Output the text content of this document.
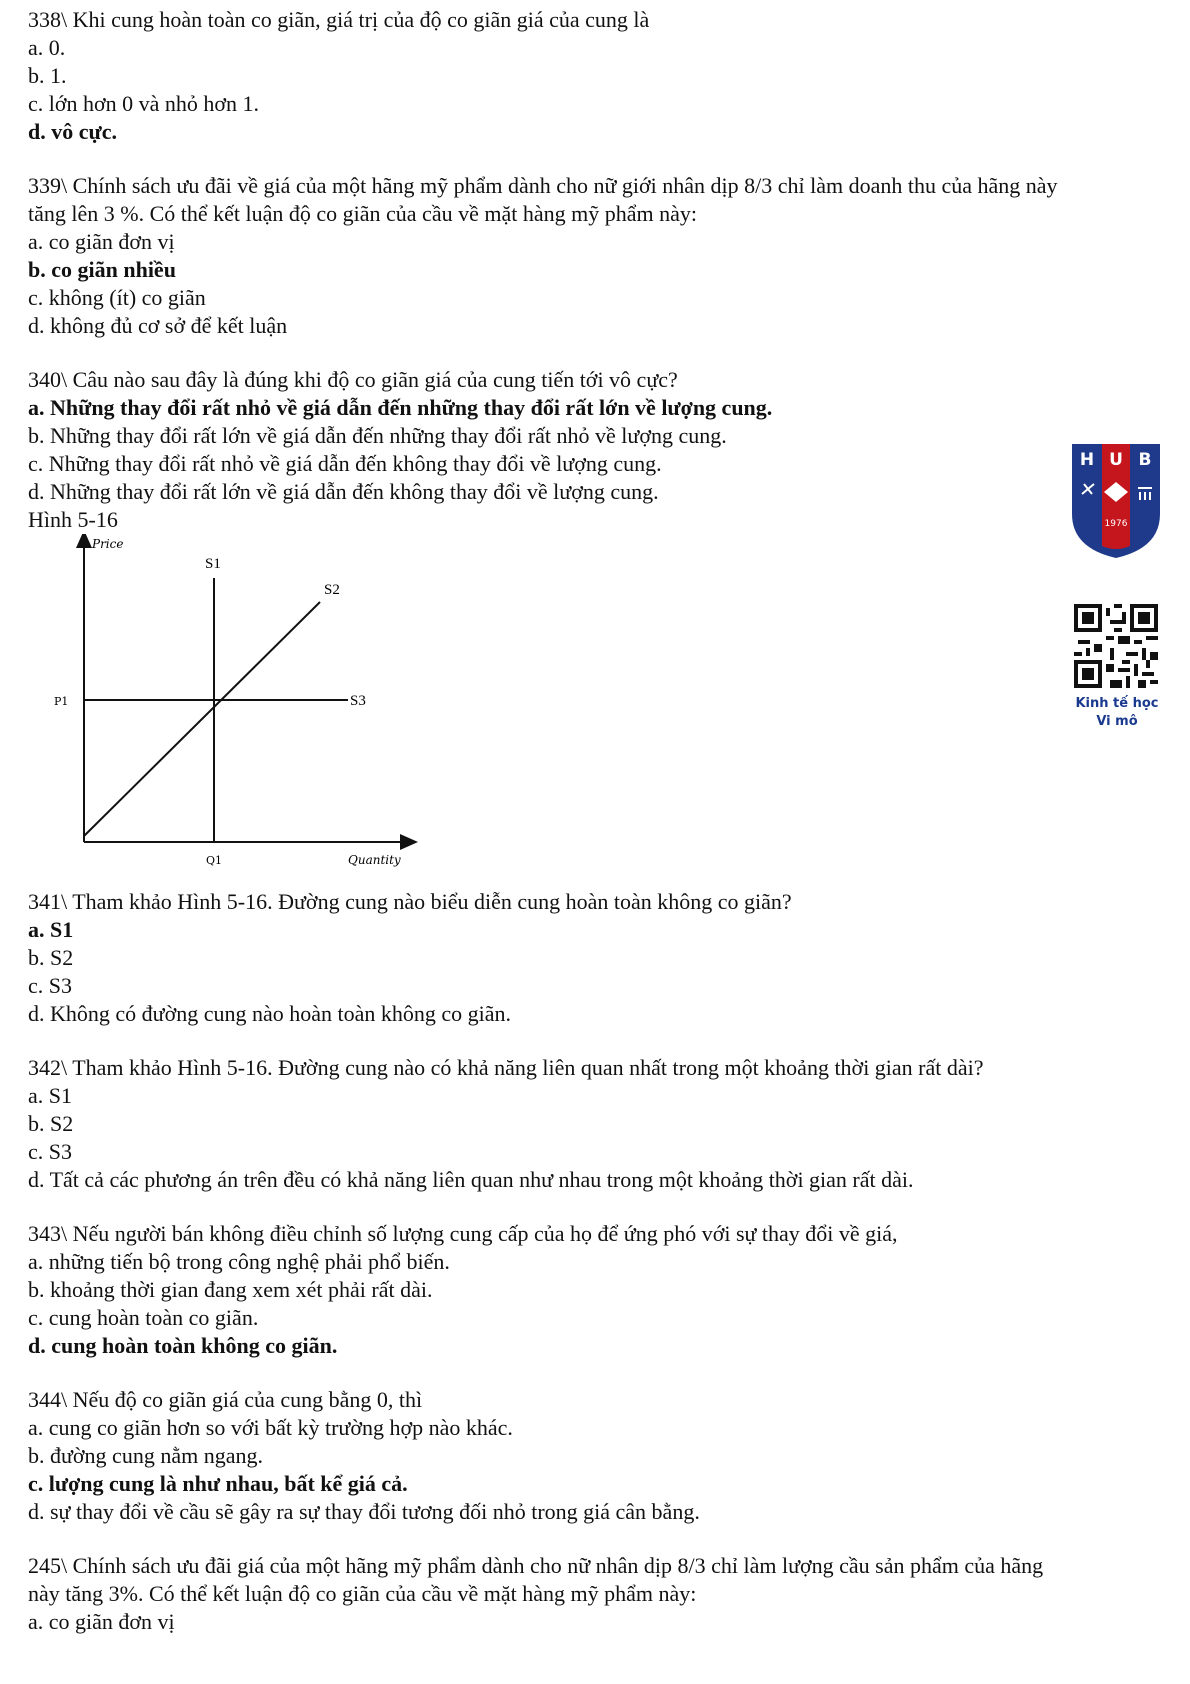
338\ Khi cung hoàn toàn co giãn, giá trị của độ co giãn giá của cung là
a. 0.
b. 1.
c. lớn hơn 0 và nhỏ hơn 1.
d. vô cực.
339\ Chính sách ưu đãi về giá của một hãng mỹ phẩm dành cho nữ giới nhân dịp 8/3 chỉ làm doanh thu của hãng này
tăng lên 3 %. Có thể kết luận độ co giãn của cầu về mặt hàng mỹ phẩm này:
a. co giãn đơn vị
b. co giãn nhiều
c. không (ít) co giãn
d. không đủ cơ sở để kết luận
340\ Câu nào sau đây là đúng khi độ co giãn giá của cung tiến tới vô cực?
a. Những thay đổi rất nhỏ về giá dẫn đến những thay đổi rất lớn về lượng cung.
b. Những thay đổi rất lớn về giá dẫn đến những thay đổi rất nhỏ về lượng cung.
c. Những thay đổi rất nhỏ về giá dẫn đến không thay đổi về lượng cung.
d. Những thay đổi rất lớn về giá dẫn đến không thay đổi về lượng cung.
Hình 5-16
Price
Quantity
S1
S2
S3
P1
Q1
341\ Tham khảo Hình 5-16. Đường cung nào biểu diễn cung hoàn toàn không co giãn?
a. S1
b. S2
c. S3
d. Không có đường cung nào hoàn toàn không co giãn.
342\ Tham khảo Hình 5-16. Đường cung nào có khả năng liên quan nhất trong một khoảng thời gian rất dài?
a. S1
b. S2
c. S3
d. Tất cả các phương án trên đều có khả năng liên quan như nhau trong một khoảng thời gian rất dài.
343\ Nếu người bán không điều chỉnh số lượng cung cấp của họ để ứng phó với sự thay đổi về giá,
a. những tiến bộ trong công nghệ phải phổ biến.
b. khoảng thời gian đang xem xét phải rất dài.
c. cung hoàn toàn co giãn.
d. cung hoàn toàn không co giãn.
344\ Nếu độ co giãn giá của cung bằng 0, thì
a. cung co giãn hơn so với bất kỳ trường hợp nào khác.
b. đường cung nằm ngang.
c. lượng cung là như nhau, bất kể giá cả.
d. sự thay đổi về cầu sẽ gây ra sự thay đổi tương đối nhỏ trong giá cân bằng.
245\ Chính sách ưu đãi giá của một hãng mỹ phẩm dành cho nữ nhân dịp 8/3 chỉ làm lượng cầu sản phẩm của hãng
này tăng 3%. Có thể kết luận độ co giãn của cầu về mặt hàng mỹ phẩm này:
a. co giãn đơn vị
H U B
1976
Kinh tế học
Vi mô
